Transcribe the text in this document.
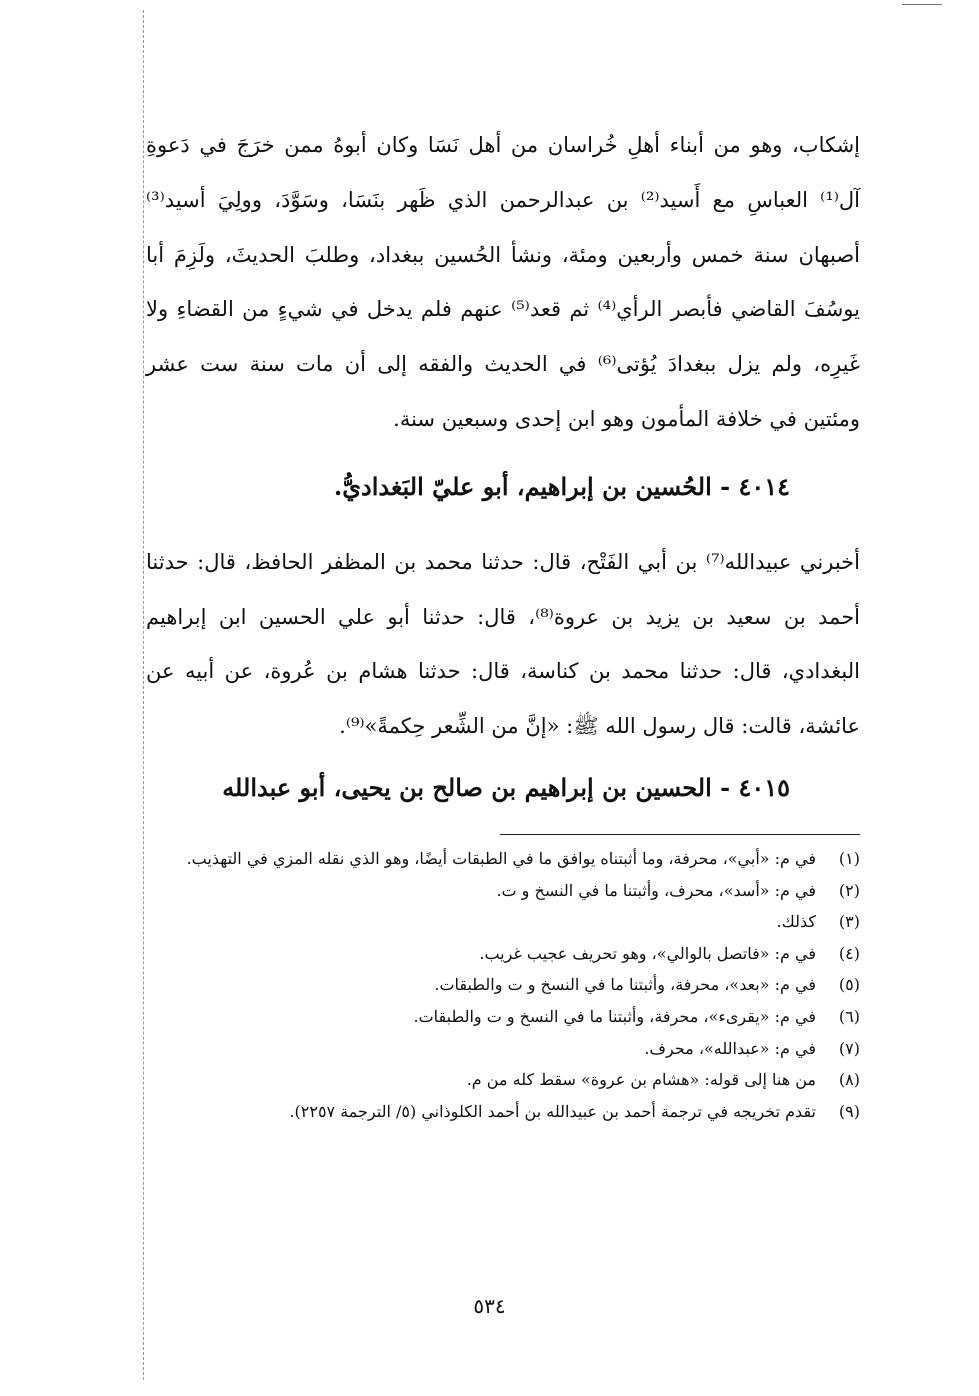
إشكاب، وهو من أبناء أهلِ خُراسان من أهل نَسَا وكان أبوهُ ممن خرَجَ في دَعوةِ آل⁽¹⁾ العباسِ مع أَسيد⁽²⁾ بن عبدالرحمن الذي ظَهر بنَسَا، وسَوَّدَ، وولِيَ أسيد⁽³⁾ أصبهان سنة خمس وأربعين ومئة، ونشأ الحُسين ببغداد، وطلبَ الحديثَ، ولَزِمَ أبا يوسُفَ القاضي فأبصر الرأي⁽⁴⁾ ثم قعد⁽⁵⁾ عنهم فلم يدخل في شيءٍ من القضاءِ ولا غَيرِه، ولم يزل ببغدادَ يُؤتى⁽⁶⁾ في الحديث والفقه إلى أن مات سنة ست عشر ومئتين في خلافة المأمون وهو ابن إحدى وسبعين سنة.

٤٠١٤ - الحُسين بن إبراهيم، أبو عليّ البَغداديُّ.

أخبرني عبيدالله⁽⁷⁾ بن أبي الفَتْح، قال: حدثنا محمد بن المظفر الحافظ، قال: حدثنا أحمد بن سعيد بن يزيد بن عروة⁽⁸⁾، قال: حدثنا أبو علي الحسين ابن إبراهيم البغدادي، قال: حدثنا محمد بن كناسة، قال: حدثنا هشام بن عُروة، عن أبيه عن عائشة، قالت: قال رسول الله ﷺ: «إنَّ من الشِّعر حِكمةً»⁽⁹⁾.

٤٠١٥ - الحسين بن إبراهيم بن صالح بن يحيى، أبو عبدالله
(١)
في م: «أبي»، محرفة، وما أثبتناه يوافق ما في الطبقات أيضًا، وهو الذي نقله المزي في التهذيب.
(٢)
في م: «أسد»، محرف، وأثبتنا ما في النسخ و ت.
(٣)
كذلك.
(٤)
في م: «فاتصل بالوالي»، وهو تحريف عجيب غريب.
(٥)
في م: «بعد»، محرفة، وأثبتنا ما في النسخ و ت والطبقات.
(٦)
في م: «يقرىء»، محرفة، وأثبتنا ما في النسخ و ت والطبقات.
(٧)
في م: «عبدالله»، محرف.
(٨)
من هنا إلى قوله: «هشام بن عروة» سقط كله من م.
(٩)
تقدم تخريجه في ترجمة أحمد بن عبيدالله بن أحمد الكلوذاني (٥/ الترجمة ٢٢٥٧).
٥٣٤
